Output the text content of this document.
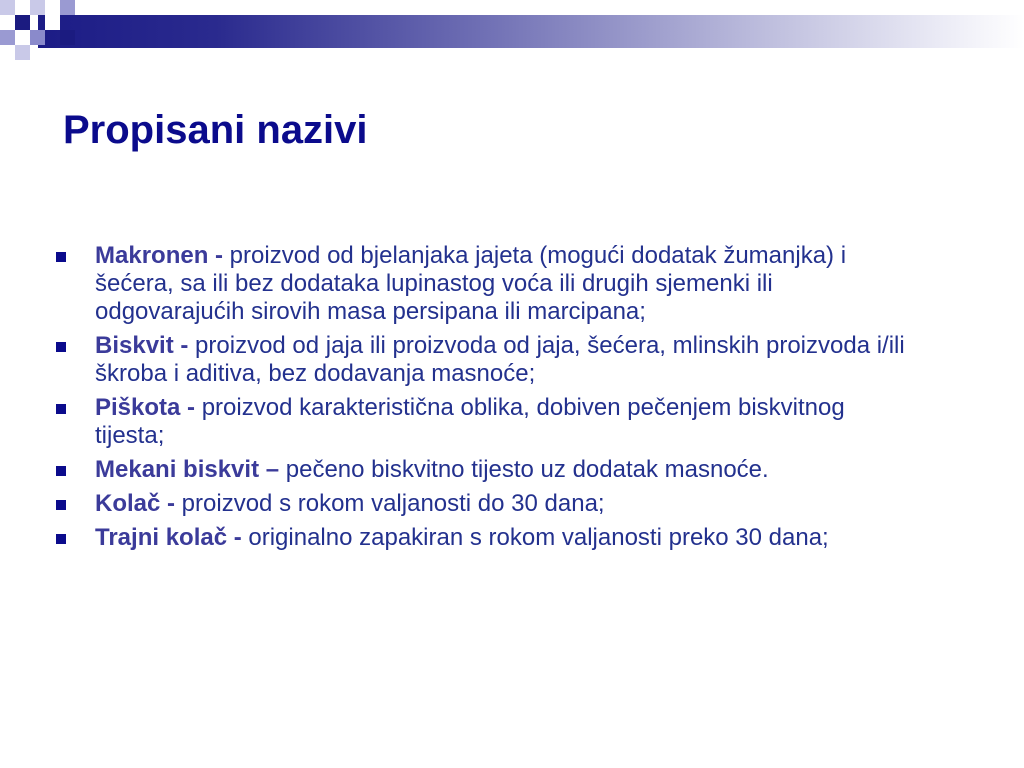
Propisani nazivi
Makronen - proizvod od bjelanjaka jajeta (mogući dodatak žumanjka) i šećera, sa ili bez dodataka lupinastog voća ili drugih sjemenki ili odgovarajućih sirovih masa persipana ili marcipana;
Biskvit - proizvod od jaja ili proizvoda od jaja, šećera, mlinskih proizvoda i/ili škroba i aditiva, bez dodavanja masnoće;
Piškota - proizvod karakteristična oblika, dobiven pečenjem biskvitnog tijesta;
Mekani biskvit – pečeno biskvitno tijesto uz dodatak masnoće.
Kolač - proizvod s rokom valjanosti do 30 dana;
Trajni kolač - originalno zapakiran s rokom valjanosti preko 30 dana;
